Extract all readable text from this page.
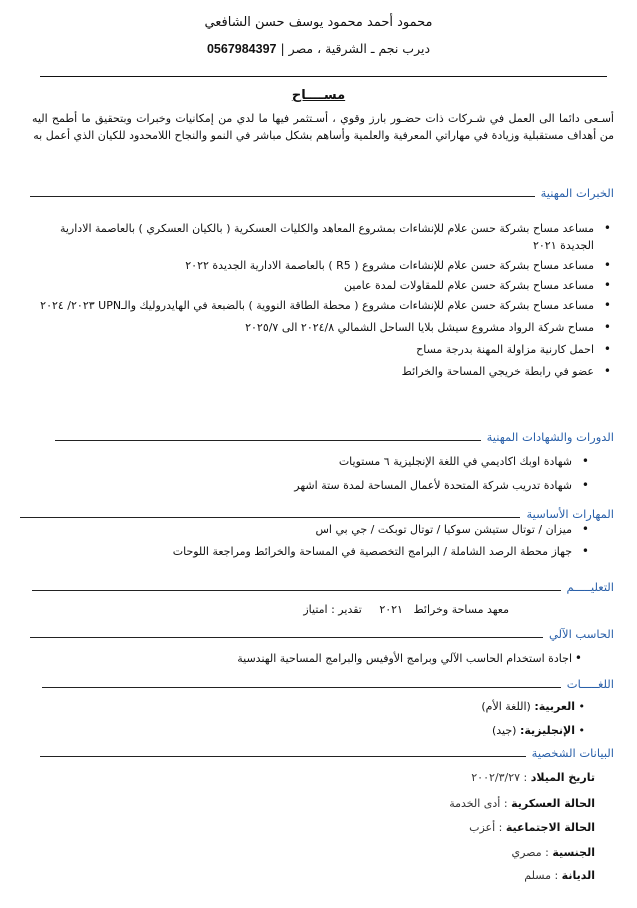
محمود أحمد محمود يوسف حسن الشافعي
ديرب نجم ـ الشرقية ، مصر | 0567984397
مســــاح
أسـعى دائما الى العمل في شـركات ذات حضـور بارز وقوي ، أسـتثمر فيها ما لدي من إمكانيات وخبرات وبتحقيق ما أطمح اليه من أهداف مستقبلية وزيادة في مهاراتي المعرفية والعلمية وأساهم بشكل مباشر في النمو والنجاح اللامحدود للكيان الذي أعمل به
الخبرات المهنية
• مساعد مساح بشركة حسن علام للإنشاءات بمشروع المعاهد والكليات العسكرية ( بالكيان العسكري ) بالعاصمة الادارية الجديدة ٢٠٢١
• مساعد مساح بشركة حسن علام للإنشاءات مشروع ( R5 ) بالعاصمة الادارية الجديدة ٢٠٢٢
• مساعد مساح بشركة حسن علام للمقاولات لمدة عامين
• مساعد مساح بشركة حسن علام للإنشاءات مشروع ( محطة الطاقة النووية ) بالضبعة في الهايدروليك والـUPN ٢٠٢٣/ ٢٠٢٤
• مساح شركة الرواد مشروع سيشل بلايا الساحل الشمالي ٢٠٢٤/٨ الى ٢٠٢٥/٧
• احمل كارنية مزاولة المهنة بدرجة مساح
• عضو في رابطة خريجي المساحة والخرائط
الدورات والشهادات المهنية
• شهادة اوبك اكاديمي في اللغة الإنجليزية ٦ مستويات
• شهادة تدريب شركة المتحدة لأعمال المساحة لمدة ستة اشهر
المهارات الأساسية
• ميزان / توتال ستيشن سوكيا / توتال توبكت / جي بي اس
• جهاز محطة الرصد الشاملة / البرامج التخصصية في المساحة والخرائط ومراجعة اللوحات
التعليـــــم
معهد مساحة وخرائط   ٢٠٢١     تقدير : امتياز
الحاسب الآلي
• اجادة استخدام الحاسب الآلي وبرامج الأوفيس والبرامج المساحية الهندسية
اللغـــــات
• العربية: (اللغة الأم)
• الإنجليزية: (جيد)
البيانات الشخصية
تاريخ الميلاد : ٢٠٠٢/٣/٢٧
الحالة العسكرية : أدى الخدمة
الحالة الاجتماعية : أعزب
الجنسية : مصري
الديانة : مسلم
